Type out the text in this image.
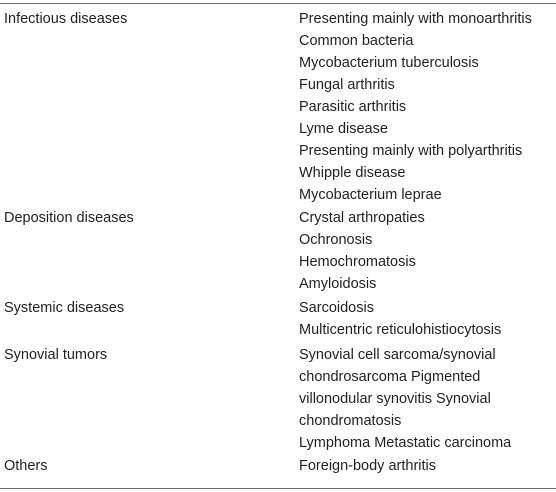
Infectious diseases	Presenting mainly with monoarthritis
Common bacteria
Mycobacterium tuberculosis
Fungal arthritis
Parasitic arthritis
Lyme disease
Presenting mainly with polyarthritis
Whipple disease
Mycobacterium leprae
Deposition diseases	Crystal arthropaties
Ochronosis
Hemochromatosis
Amyloidosis
Systemic diseases	Sarcoidosis
Multicentric reticulohistiocytosis
Synovial tumors	Synovial cell sarcoma/synovial chondrosarcoma Pigmented villonodular synovitis Synovial chondromatosis
Lymphoma Metastatic carcinoma
Others	Foreign-body arthritis
